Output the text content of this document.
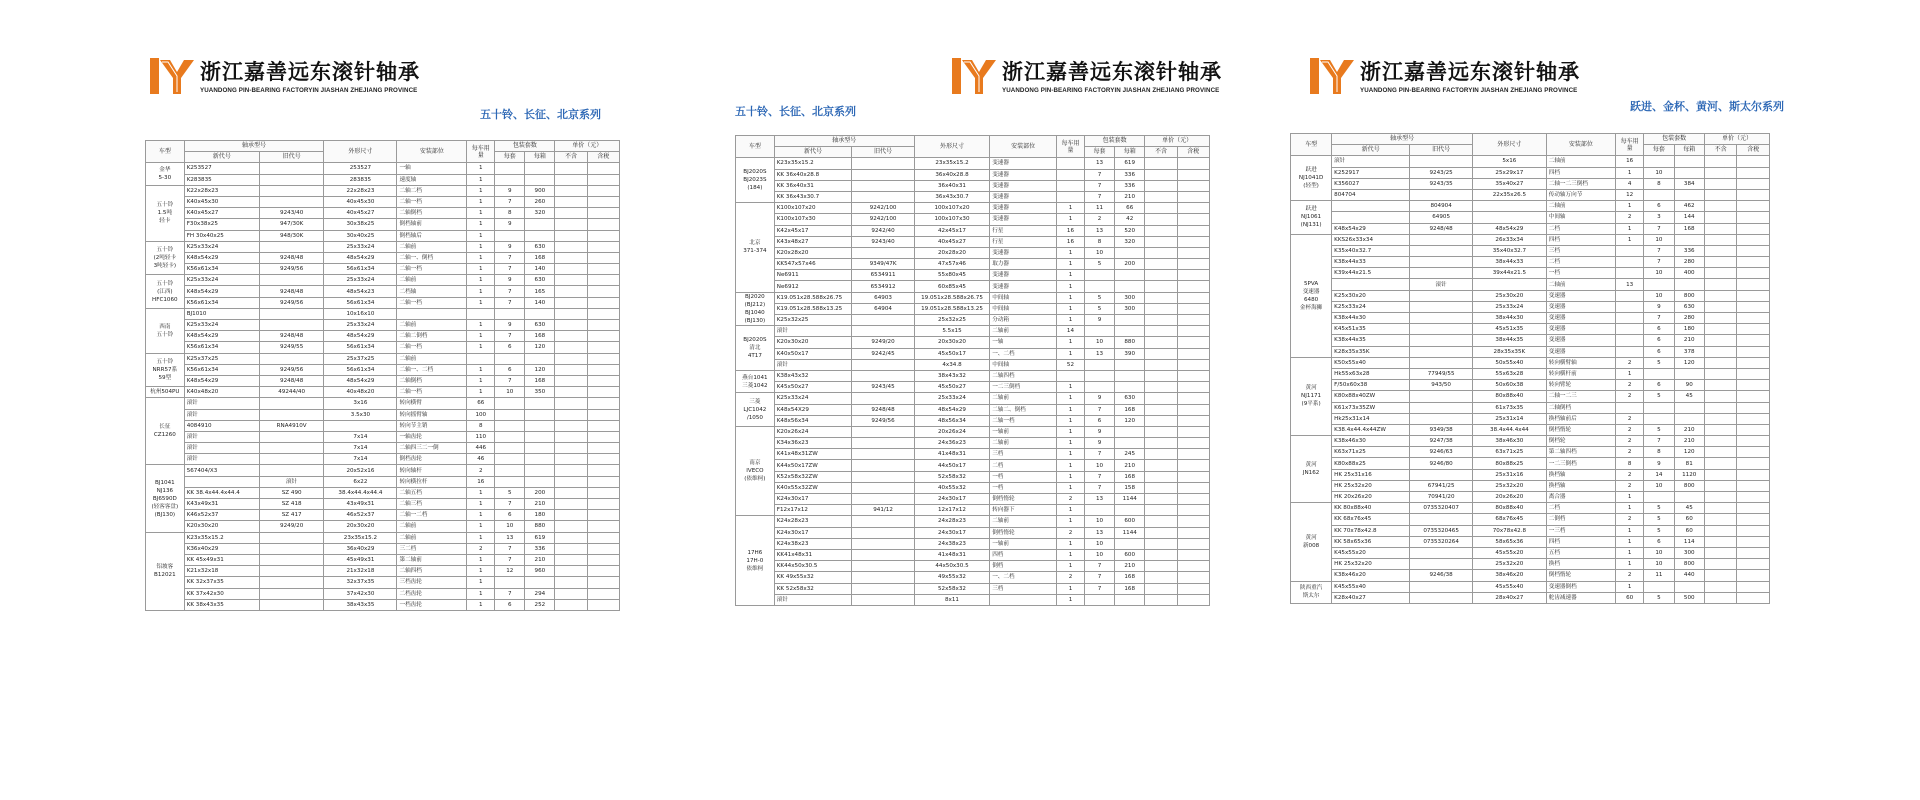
浙江嘉善远东滚针轴承
YUANDONG PIN-BEARING FACTORYIN JIASHAN ZHEJIANG PROVINCE
五十铃、长征、北京系列
车型	轴承型号		外形尺寸	安装部位	每车用量	包装套数		单价（元）	
	新代号	旧代号				每套	每箱	不含	含税
金华
5-30	K253527		253527	一轴	1				
	K283835		283835	速度轴	1				
五十铃
1.5吨
轻卡	K22x28x23		22x28x23	二轴二档	1	9	900		
	K40x45x30		40x45x30	二轴一档	1	7	260		
	K40x45x27	9243/40	40x45x27	二轴倒档	1	8	320		
	F30x38x25	947/30K	30x38x25	倒档轴前	1	9			
	FH 30x40x25	948/30K	30x40x25	倒档轴后	1				
五十铃
(2吨轻卡
3吨轻卡)	K25x33x24		25x33x24	二轴前	1	9	630		
	K48x54x29	9248/48	48x54x29	二轴一、倒档	1	7	168		
	K56x61x34	9249/56	56x61x34	二轴一档	1	7	140		
五十铃
(江西)
HFC1060	K25x33x24		25x33x24	二轴前	1	9	630		
	K48x54x29	9248/48	48x54x23	二档轴	1	7	165		
	K56x61x34	9249/56	56x61x34	二轴一档	1	7	140		
西南
五十铃	BJ1010		10x16x10						
	K25x33x24		25x33x24	二轴前	1	9	630		
	K48x54x29	9248/48	48x54x29	二轴二倒档	1	7	168		
	K56x61x34	9249/55	56x61x34	二轴一档	1	6	120		
五十铃
NRR57系
59型	K25x37x25		25x37x25	二轴前					
	K56x61x34	9249/56	56x61x34	二轴一、二档	1	6	120		
	K48x54x29	9248/48	48x54x29	二轴倒档	1	7	168		
杭州504PU	K40x48x20	49244/40	40x48x20	二轴一档	1	10	350		
长征
CZ1260	滚针		3x16	转向横臂	66				
	滚针		3.5x30	转向摇臂轴	100				
	4084910	RNA4910V		转向节主销	8				
	滚针		7x14	一轴齿轮	110				
	滚针		7x14	二轴四三二一倒	446				
	滚针		7x14	倒档齿轮	46				
BJ1041
NJ136
BJ6590D
(轻客客盘)
(BJ130)	567404/X3		20x52x16	转向轴杆	2				
		滚针	6x22	转向横拉杆	16				
	KK 38.4x44.4x44.4	SZ 490	38.4x44.4x44.4	二轴五档	1	5	200		
	K43x49x31	SZ 418	43x49x31	二轴三档	1	7	210		
	K46x52x37	SZ 417	46x52x37	二轴一二档	1	6	180		
	K20x30x20	9249/20	20x30x20	二轴前	1	10	880		
铝坡客
B12021	K23x35x15.2		23x35x15.2	二轴前	1	13	619		
	K36x40x29		36x40x29	三二档	2	7	336		
	KK 45x49x31		45x49x31	第二轴前	1	7	210		
	K21x32x18		21x32x18	二轴四档	1	12	960		
	KK 32x37x35		32x37x35	三档齿轮	1				
	KK 37x42x30		37x42x30	二档齿轮	1	7	294		
	KK 38x43x35		38x43x35	一档齿轮	1	6	252		
浙江嘉善远东滚针轴承
YUANDONG PIN-BEARING FACTORYIN JIASHAN ZHEJIANG PROVINCE
五十铃、长征、北京系列
车型	轴承型号		外形尺寸	安装部位	每车用量	包装套数		单价（元）	
	新代号	旧代号				每套	每箱	不含	含税
BJ2020S
BJ2023S
(184)	K23x35x15.2		23x35x15.2	变速器		13	619		
	KK 36x40x28.8		36x40x28.8	变速器		7	336		
	KK 36x40x31		36x40x31	变速器		7	336		
	KK 36x43x30.7		36x43x30.7	变速器		7	210		
北京
371-374	K100x107x20	9242/100	100x107x20	变速器	1	11	66		
	K100x107x30	9242/100	100x107x30	变速器	1	2	42		
	K42x45x17	9242/40	42x45x17	行星	16	13	520		
	K43x48x27	9243/40	40x45x27	行星	16	8	320		
	K20x28x20		20x28x20	变速器	1	10			
	KK547x57x46	9349/47K	47x57x46	取力器	1	5	200		
	Ne6911	6534911	55x80x45	变速器	1				
	Ne6912	6534912	60x85x45	变速器	1				
BJ2020
(BJ212)
BJ1040
(BJ130)	K19.051x28.588x26.75	64903	19.051x28.588x26.75	中间轴	1	5	300		
	K19.051x28.588x13.25	64904	19.051x28.588x13.25	中间轴	1	5	300		
	K25x32x25		25x32x25	分动箱	1	9			
BJ2020S
清北
4T17	滚针		5.5x15	二轴前	14				
	K20x30x20	9249/20	20x30x20	一轴	1	10	880		
	K40x50x17	9242/45	45x50x17	一、二档	1	13	390		
	滚针		4x34.8	中间轴	52				
燕台1041
三菱1042	K38x43x32		38x43x32	二轴四档					
	K45x50x27	9243/45	45x50x27	一二三倒档	1				
三菱
LJC1042
/1050	K25x33x24		25x33x24	二轴前	1	9	630		
	K48x54X29	9248/48	48x54x29	二轴二、倒档	1	7	168		
	K48x56x34	9249/56	48x56x34	二轴一档	1	6	120		
南京
IVECO
(依维柯)	K20x26x24		20x26x24	一轴前	1	9			
	K34x36x23		24x36x23	二轴前	1	9			
	K41x48x31ZW		41x48x31	三档	1	7	245		
	K44x50x17ZW		44x50x17	二档	1	10	210		
	K52x58x32ZW		52x58x32	一档	1	7	168		
	K40x55x32ZW		40x55x32	一档	1	7	158		
	K24x30x17		24x30x17	倒档惰轮	2	13	1144		
	F12x17x12	941/12	12x17x12	转向器下	1				
17H6
17H-0
依维柯	K24x28x23		24x28x23	二轴前	1	10	600		
	K24x30x17		24x30x17	倒档惰轮	2	13	1144		
	K24x38x23		24x38x23	一轴前	1	10			
	KK41x48x31		41x48x31	四档	1	10	600		
	KK44x50x30.5		44x50x30.5	倒档	1	7	210		
	KK 49x55x32		49x55x32	一、二档	2	7	168		
	KK 52x58x32		52x58x32	三档	1	7	168		
	滚针		8x11		1				
浙江嘉善远东滚针轴承
YUANDONG PIN-BEARING FACTORYIN JIASHAN ZHEJIANG PROVINCE
跃进、金杯、黄河、斯太尔系列
车型	轴承型号		外形尺寸	安装部位	每车用量	包装套数		单价（元）	
	新代号	旧代号				每套	每箱	不含	含税
跃进
NJ1041D
(轻型)	滚针		5x16	二轴前	16				
	K252917	9243/25	25x29x17	四档	1	10			
	K356027	9243/35	35x40x27	二轴一二三倒档	4	8	384		
	804704		22x35x26.5	传动轴万向节	12				
跃进
NJ1061
(NJ131)		804904		二轴前	1	6	462		
		64905		中间轴	2	3	144		
	K48x54x29	9248/48	48x54x29	二档	1	7	168		
5PVA
变速器
6480
金杯海狮	KKS26x33x34		26x33x34	四档	1	10			
	K35x40x32.7		35x40x32.7	三档		7	336		
	K38x44x33		38x44x33	二档		7	280		
	K39x44x21.5		39x44x21.5	一档		10	400		
		滚针		二轴前	13				
	K25x30x20		25x30x20	变速器		10	800		
	K25x33x24		25x33x24	变速器		9	630		
	K38x44x30		38x44x30	变速器		7	280		
	K45x51x35		45x51x35	变速器		6	180		
	K38x44x35		38x44x35	变速器		6	210		
	K28x35x35K		28x35x35K	变速器		6	378		
黄河
NJ1171
(9平系)	K50x55x40		50x55x40	转向横臂轴	2	5	120		
	Hk55x63x28	77949/55	55x63x28	转向横杆前	1				
	F/50x60x38	943/50	50x60x38	转向臂轮	2	6	90		
	K80x88x40ZW		80x88x40	二轴一二三	2	5	45		
	K61x73x35ZW		61x73x35	二轴倒档					
	Hk25x31x14		25x31x14	换档轴前后	2				
	K38.4x44.4x44ZW	9349/38	38.4x44.4x44	倒档惰轮	2	5	210		
黄河
JN162	K38x46x30	9247/38	38x46x30	倒档轮	2	7	210		
	K63x71x25	9246/63	63x71x25	第二轴四档	2	8	120		
	K80x88x25	9246/80	80x88x25	一二三倒档	8	9	81		
	HK 25x31x16		25x31x16	换档轴	2	14	1120		
	HK 25x32x20	67941/25	25x32x20	换档轴	2	10	800		
	HK 20x26x20	70941/20	20x26x20	离合器	1				
黄河
新008	KK 80x88x40	0735320407	80x88x40	二档	1	5	45		
	KK 68x76x45		68x76x45	二倒档	2	5	60		
	KK 70x78x42.8	0735320465	70x78x42.8	一三档	1	5	60		
	KK 58x65x36	0735320264	58x65x36	四档	1	6	114		
	K45x55x20		45x55x20	五档	1	10	300		
	HK 25x32x20		25x32x20	换档	1	10	800		
	K38x46x20	9246/38	38x46x20	倒档惰轮	2	11	440		
陕西重汽
斯太尔	K45x55x40		45x55x40	变速器倒档	1				
	K28x40x27		28x40x27	舵齿减速器	60	5	500		
